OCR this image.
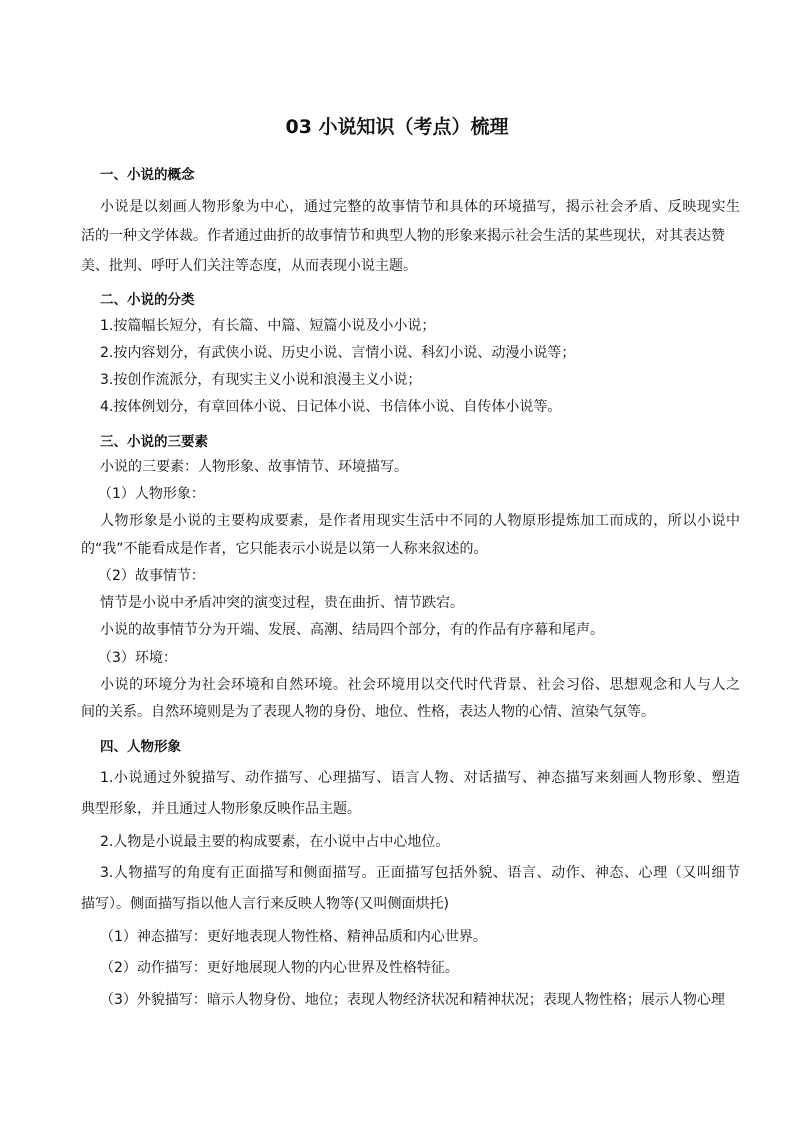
03 小说知识（考点）梳理
一、小说的概念
小说是以刻画人物形象为中心，通过完整的故事情节和具体的环境描写，揭示社会矛盾、反映现实生
活的一种文学体裁。作者通过曲折的故事情节和典型人物的形象来揭示社会生活的某些现状，对其表达赞
美、批判、呼吁人们关注等态度，从而表现小说主题。
二、小说的分类
1.按篇幅长短分，有长篇、中篇、短篇小说及小小说；
2.按内容划分，有武侠小说、历史小说、言情小说、科幻小说、动漫小说等；
3.按创作流派分，有现实主义小说和浪漫主义小说；
4.按体例划分，有章回体小说、日记体小说、书信体小说、自传体小说等。
三、小说的三要素
小说的三要素：人物形象、故事情节、环境描写。
（1）人物形象：
人物形象是小说的主要构成要素，是作者用现实生活中不同的人物原形提炼加工而成的，所以小说中
的“我”不能看成是作者，它只能表示小说是以第一人称来叙述的。
（2）故事情节：
情节是小说中矛盾冲突的演变过程，贵在曲折、情节跌宕。
小说的故事情节分为开端、发展、高潮、结局四个部分，有的作品有序幕和尾声。
（3）环境：
小说的环境分为社会环境和自然环境。社会环境用以交代时代背景、社会习俗、思想观念和人与人之
间的关系。自然环境则是为了表现人物的身份、地位、性格，表达人物的心情、渲染气氛等。
四、人物形象
1.小说通过外貌描写、动作描写、心理描写、语言人物、对话描写、神态描写来刻画人物形象、塑造
典型形象，并且通过人物形象反映作品主题。
2.人物是小说最主要的构成要素，在小说中占中心地位。
3.人物描写的角度有正面描写和侧面描写。正面描写包括外貌、语言、动作、神态、心理（又叫细节
描写）。侧面描写指以他人言行来反映人物等(又叫侧面烘托)
（1）神态描写：更好地表现人物性格、精神品质和内心世界。
（2）动作描写：更好地展现人物的内心世界及性格特征。
（3）外貌描写：暗示人物身份、地位；表现人物经济状况和精神状况；表现人物性格；展示人物心理
